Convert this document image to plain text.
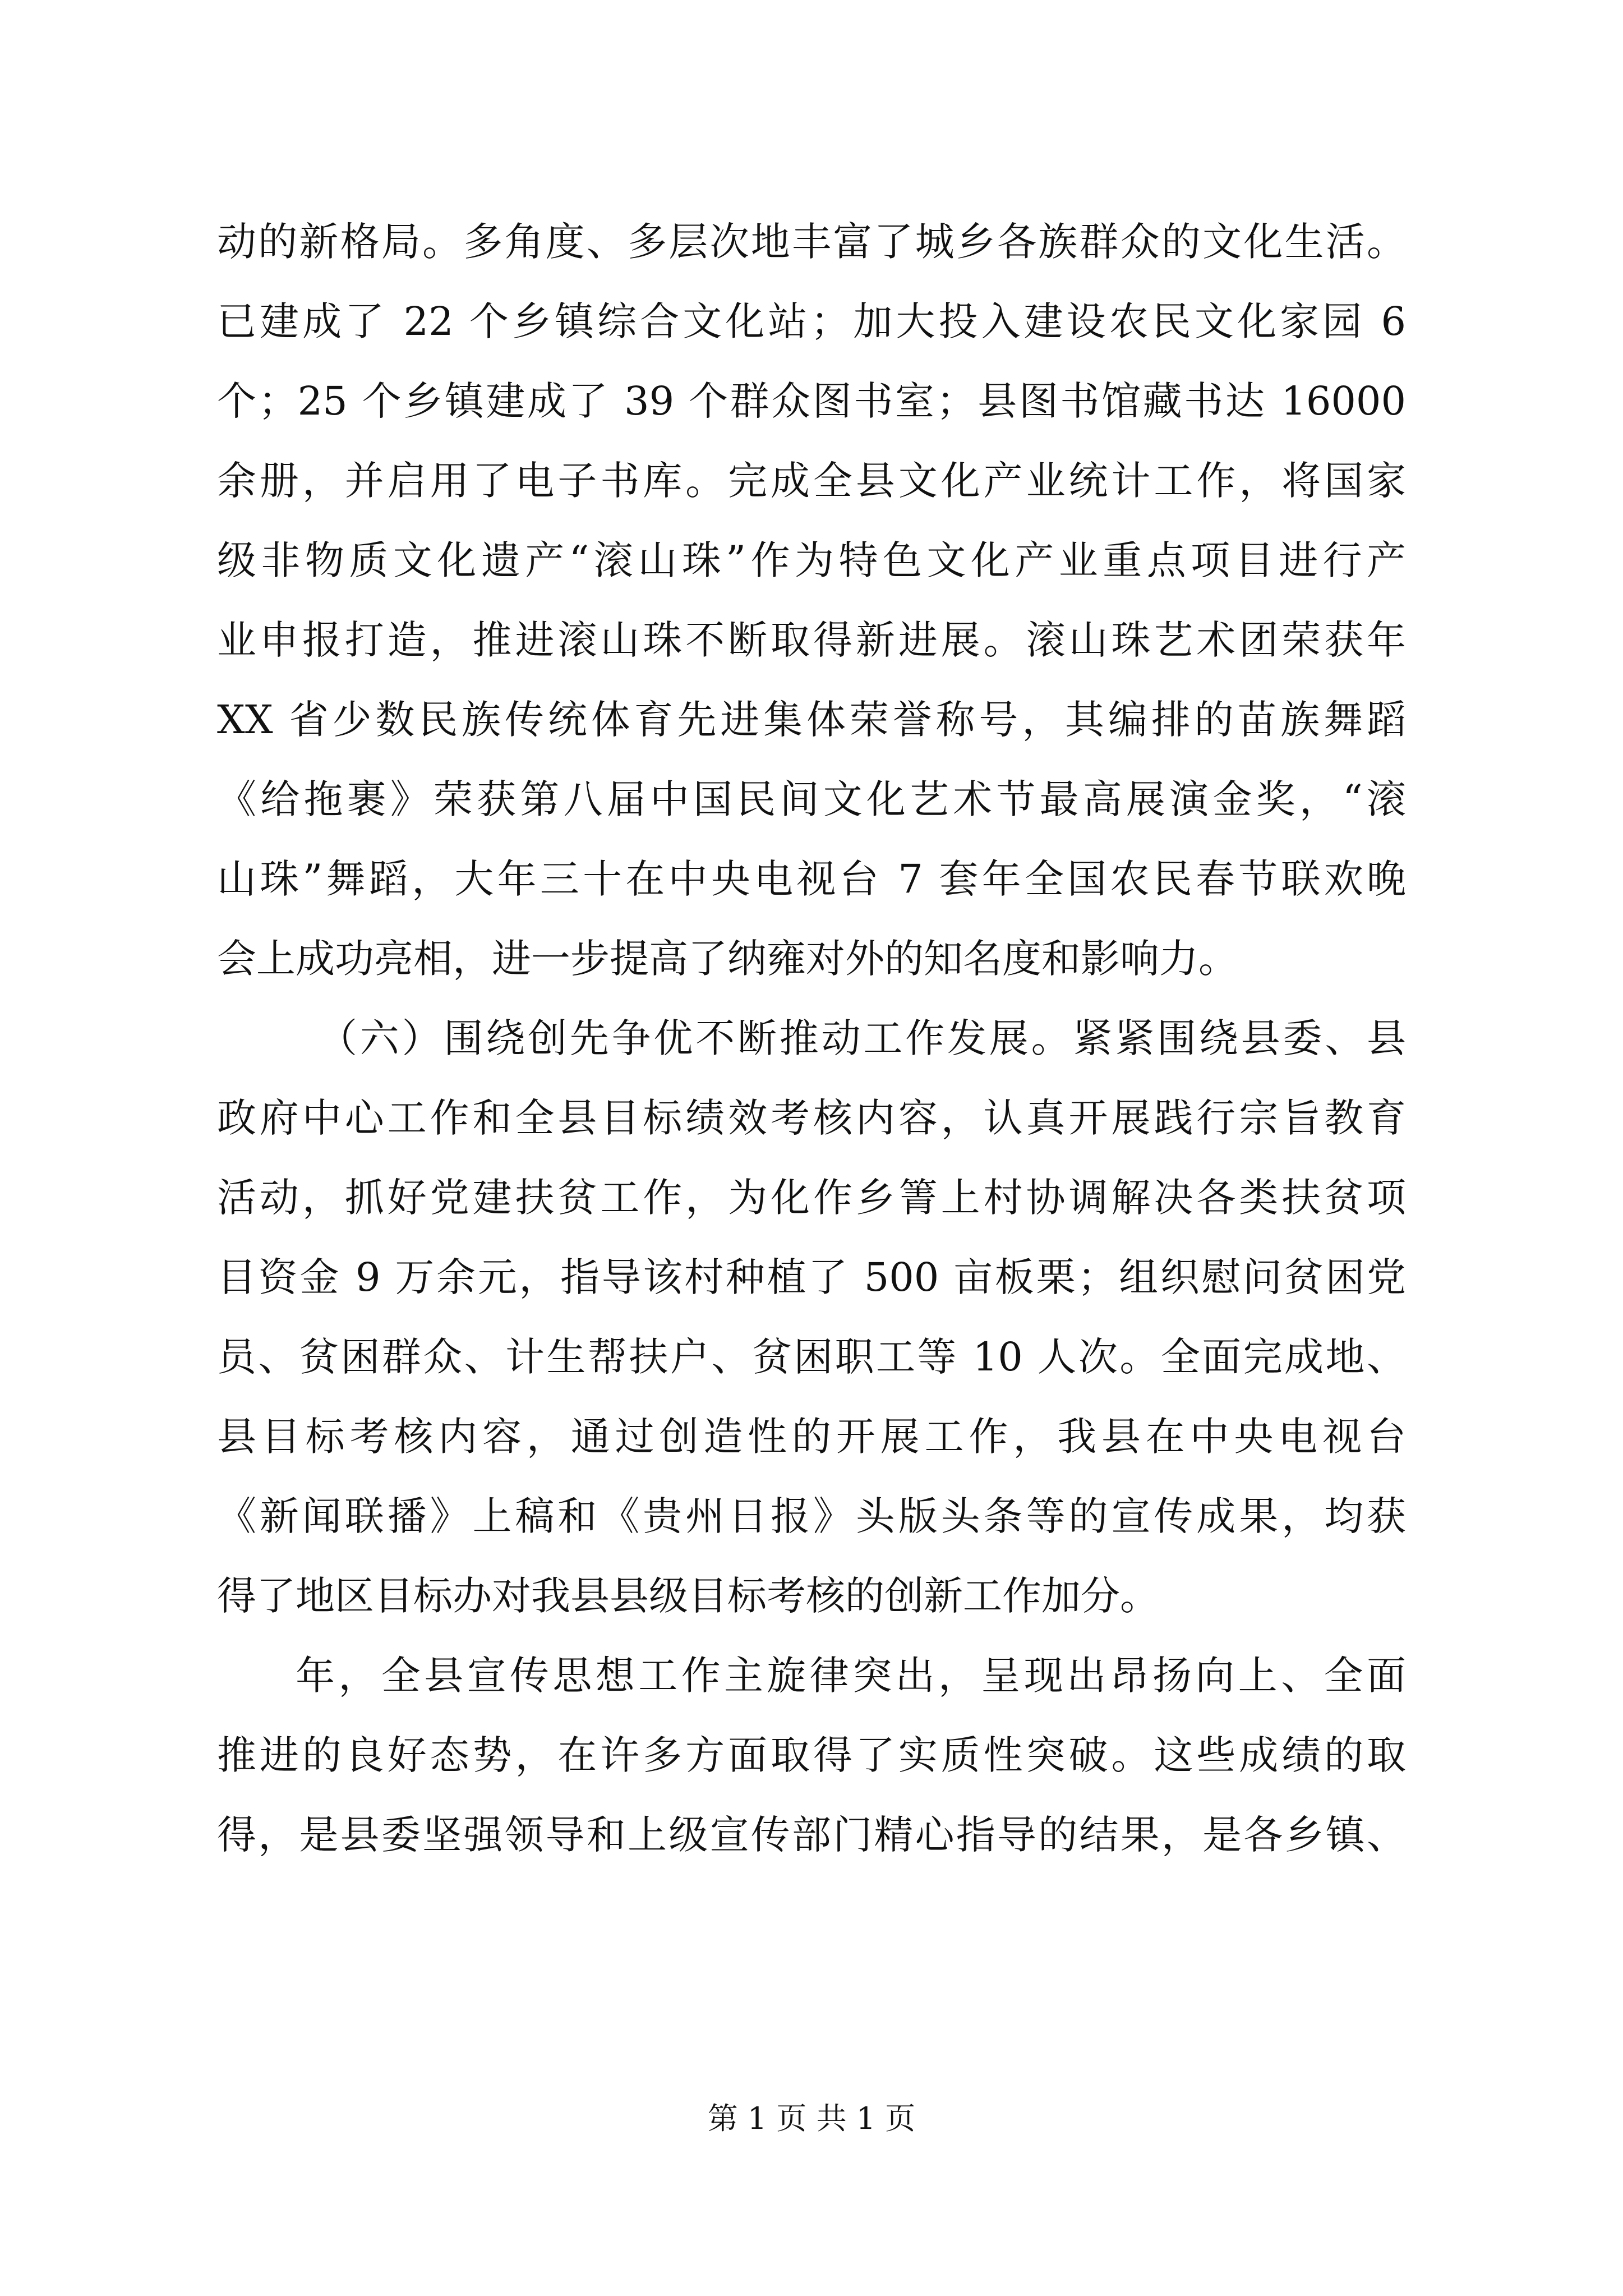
动的新格局。多角度、多层次地丰富了城乡各族群众的文化生活。
已建成了 22 个乡镇综合文化站；加大投入建设农民文化家园 6
个；25 个乡镇建成了 39 个群众图书室；县图书馆藏书达 16000
余册，并启用了电子书库。完成全县文化产业统计工作，将国家
级非物质文化遗产“滚山珠”作为特色文化产业重点项目进行产
业申报打造，推进滚山珠不断取得新进展。滚山珠艺术团荣获年
XX 省少数民族传统体育先进集体荣誉称号，其编排的苗族舞蹈
《给拖裹》荣获第八届中国民间文化艺术节最高展演金奖，“滚
山珠”舞蹈，大年三十在中央电视台 7 套年全国农民春节联欢晚
会上成功亮相，进一步提高了纳雍对外的知名度和影响力。
（六）围绕创先争优不断推动工作发展。紧紧围绕县委、县
政府中心工作和全县目标绩效考核内容，认真开展践行宗旨教育
活动，抓好党建扶贫工作，为化作乡箐上村协调解决各类扶贫项
目资金 9 万余元，指导该村种植了 500 亩板栗；组织慰问贫困党
员、贫困群众、计生帮扶户、贫困职工等 10 人次。全面完成地、
县目标考核内容，通过创造性的开展工作，我县在中央电视台
《新闻联播》上稿和《贵州日报》头版头条等的宣传成果，均获
得了地区目标办对我县县级目标考核的创新工作加分。
年，全县宣传思想工作主旋律突出，呈现出昂扬向上、全面
推进的良好态势，在许多方面取得了实质性突破。这些成绩的取
得，是县委坚强领导和上级宣传部门精心指导的结果，是各乡镇、
第 1 页 共 1 页
